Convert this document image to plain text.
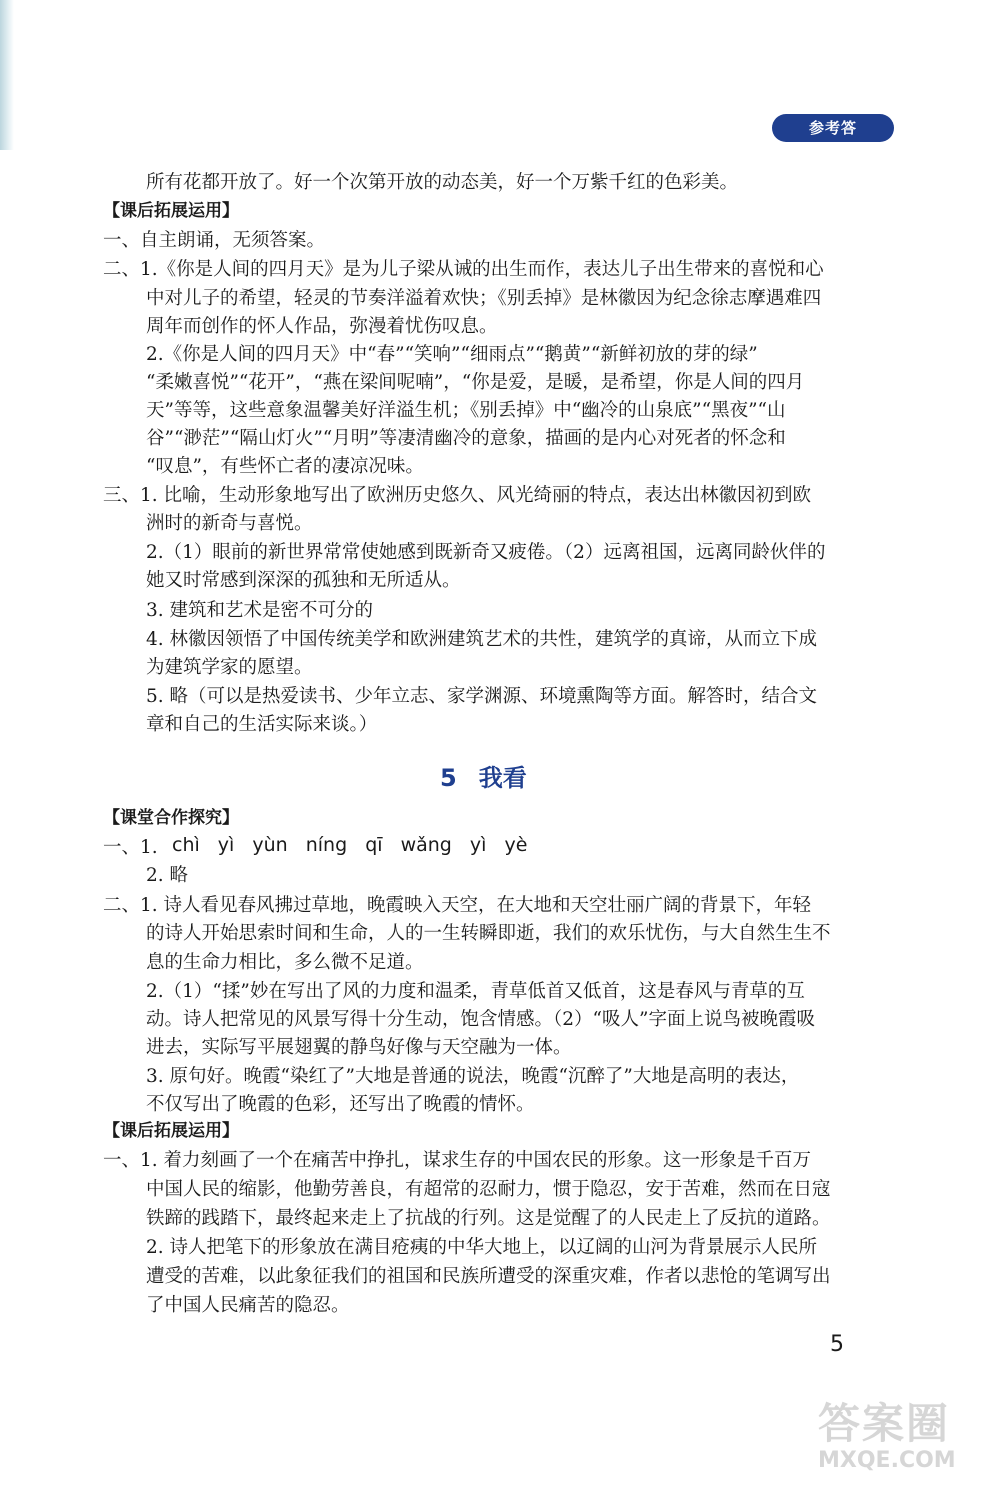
参考答案
所有花都开放了。好一个次第开放的动态美，好一个万紫千红的色彩美。
【课后拓展运用】
一、自主朗诵，无须答案。
二、1.《你是人间的四月天》是为儿子梁从诫的出生而作，表达儿子出生带来的喜悦和心
中对儿子的希望，轻灵的节奏洋溢着欢快；《别丢掉》是林徽因为纪念徐志摩遇难四
周年而创作的怀人作品，弥漫着忧伤叹息。
2.《你是人间的四月天》中“春”“笑响”“细雨点”“鹅黄”“新鲜初放的芽的绿”
“柔嫩喜悦”“花开”，“燕在梁间呢喃”，“你是爱，是暖，是希望，你是人间的四月
天”等等，这些意象温馨美好洋溢生机；《别丢掉》中“幽冷的山泉底”“黑夜”“山
谷”“渺茫”“隔山灯火”“月明”等凄清幽冷的意象，描画的是内心对死者的怀念和
“叹息”，有些怀亡者的凄凉况味。
三、1. 比喻，生动形象地写出了欧洲历史悠久、风光绮丽的特点，表达出林徽因初到欧
洲时的新奇与喜悦。
2.（1）眼前的新世界常常使她感到既新奇又疲倦。（2）远离祖国，远离同龄伙伴的
她又时常感到深深的孤独和无所适从。
3. 建筑和艺术是密不可分的
4. 林徽因领悟了中国传统美学和欧洲建筑艺术的共性，建筑学的真谛，从而立下成
为建筑学家的愿望。
5. 略（可以是热爱读书、少年立志、家学渊源、环境熏陶等方面。解答时，结合文
章和自己的生活实际来谈。）
5 我看
【课堂合作探究】
一、1. chì yì yùn níng qī wǎng yì yè
2. 略
二、1. 诗人看见春风拂过草地，晚霞映入天空，在大地和天空壮丽广阔的背景下，年轻
的诗人开始思索时间和生命，人的一生转瞬即逝，我们的欢乐忧伤，与大自然生生不
息的生命力相比，多么微不足道。
2.（1）“揉”妙在写出了风的力度和温柔，青草低首又低首，这是春风与青草的互
动。诗人把常见的风景写得十分生动，饱含情感。（2）“吸人”字面上说鸟被晚霞吸
进去，实际写平展翅翼的静鸟好像与天空融为一体。
3. 原句好。晚霞“染红了”大地是普通的说法，晚霞“沉醉了”大地是高明的表达，
不仅写出了晚霞的色彩，还写出了晚霞的情怀。
【课后拓展运用】
一、1. 着力刻画了一个在痛苦中挣扎，谋求生存的中国农民的形象。这一形象是千百万
中国人民的缩影，他勤劳善良，有超常的忍耐力，惯于隐忍，安于苦难，然而在日寇
铁蹄的践踏下，最终起来走上了抗战的行列。这是觉醒了的人民走上了反抗的道路。
2. 诗人把笔下的形象放在满目疮痍的中华大地上，以辽阔的山河为背景展示人民所
遭受的苦难，以此象征我们的祖国和民族所遭受的深重灾难，作者以悲怆的笔调写出
了中国人民痛苦的隐忍。
5
答案圈
MXQE.COM
